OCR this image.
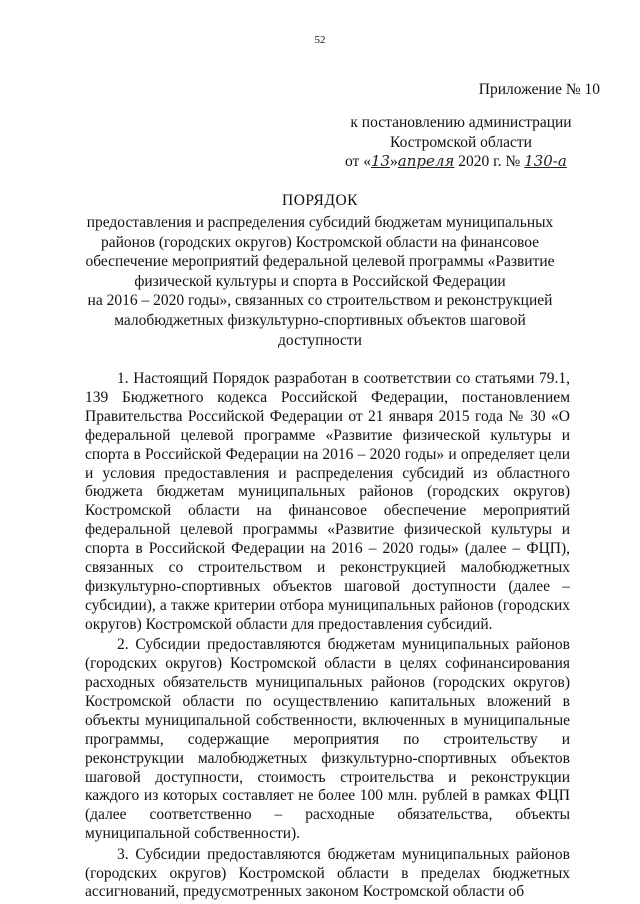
52
Приложение № 10
к постановлению администрации
Костромской области
от «13»апреля 2020 г. № 130-а
ПОРЯДОК
предоставления и распределения субсидий бюджетам муниципальных
районов (городских округов) Костромской области на финансовое
обеспечение мероприятий федеральной целевой программы «Развитие
физической культуры и спорта в Российской Федерации
на 2016 – 2020 годы», связанных со строительством и реконструкцией
малобюджетных физкультурно-спортивных объектов шаговой
доступности

1. Настоящий Порядок разработан в соответствии со статьями 79.1, 139 Бюджетного кодекса Российской Федерации, постановлением Правительства Российской Федерации от 21 января 2015 года № 30 «О федеральной целевой программе «Развитие физической культуры и спорта в Российской Федерации на 2016 – 2020 годы» и определяет цели и условия предоставления и распределения субсидий из областного бюджета бюджетам муниципальных районов (городских округов) Костромской области на финансовое обеспечение мероприятий федеральной целевой программы «Развитие физической культуры и спорта в Российской Федерации на 2016 – 2020 годы» (далее – ФЦП), связанных со строительством и реконструкцией малобюджетных физкультурно-спортивных объектов шаговой доступности (далее – субсидии), а также критерии отбора муниципальных районов (городских округов) Костромской области для предоставления субсидий.

2. Субсидии предоставляются бюджетам муниципальных районов (городских округов) Костромской области в целях софинансирования расходных обязательств муниципальных районов (городских округов) Костромской области по осуществлению капитальных вложений в объекты муниципальной собственности, включенных в муниципальные программы, содержащие мероприятия по строительству и реконструкции малобюджетных физкультурно-спортивных объектов шаговой доступности, стоимость строительства и реконструкции каждого из которых составляет не более 100 млн. рублей в рамках ФЦП (далее соответственно – расходные обязательства, объекты муниципальной собственности).

3. Субсидии предоставляются бюджетам муниципальных районов (городских округов) Костромской области в пределах бюджетных ассигнований, предусмотренных законом Костромской области об
